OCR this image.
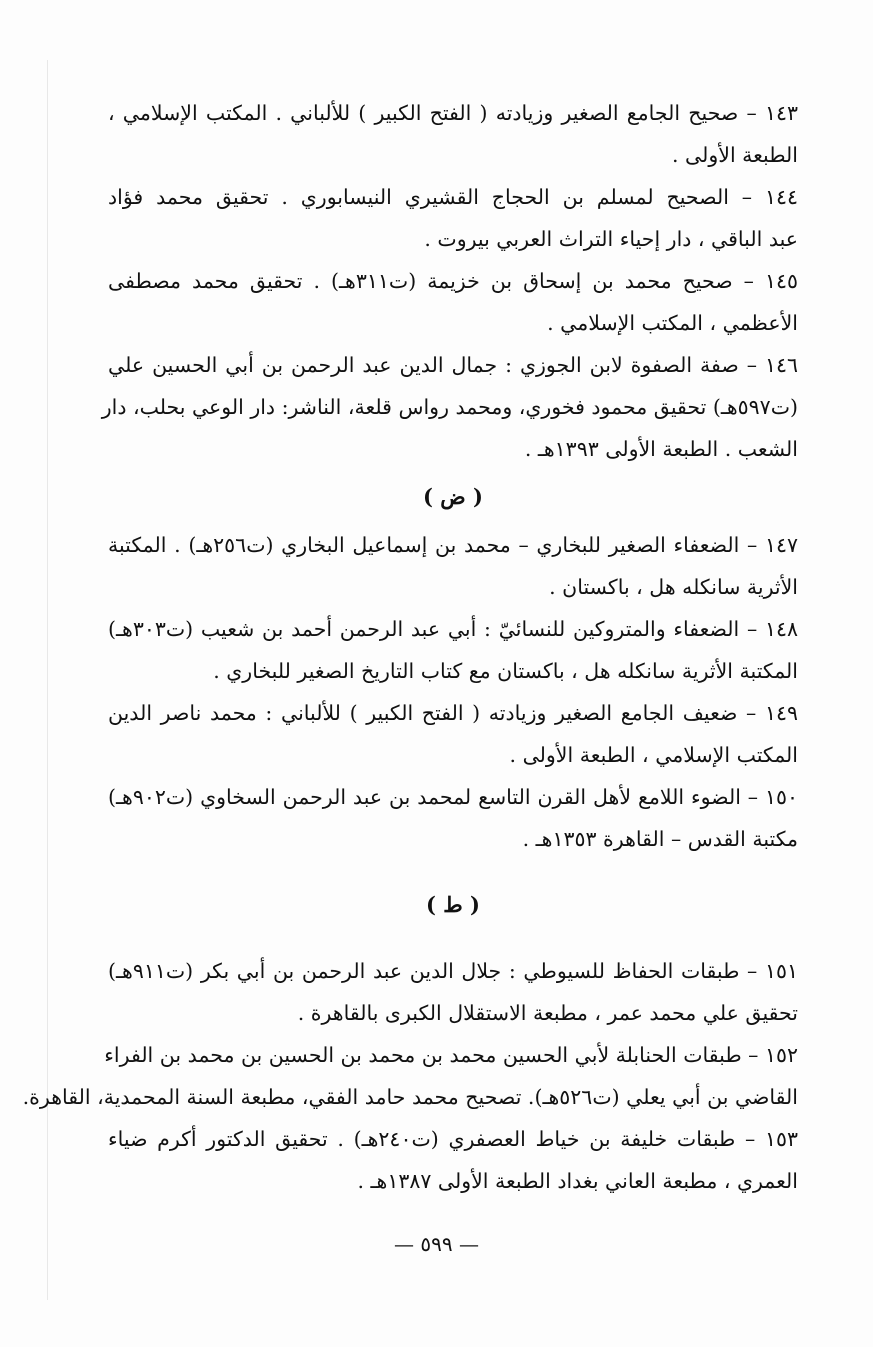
١٤٣ – صحيح الجامع الصغير وزيادته ( الفتح الكبير ) للألباني . المكتب الإسلامي ،
الطبعة الأولى .
١٤٤ – الصحيح لمسلم بن الحجاج القشيري النيسابوري . تحقيق محمد فؤاد
عبد الباقي ، دار إحياء التراث العربي بيروت .
١٤٥ – صحيح محمد بن إسحاق بن خزيمة (ت٣١١هـ) . تحقيق محمد مصطفى
الأعظمي ، المكتب الإسلامي .
١٤٦ – صفة الصفوة لابن الجوزي : جمال الدين عبد الرحمن بن أبي الحسين علي
(ت٥٩٧هـ) تحقيق محمود فخوري، ومحمد رواس قلعة، الناشر: دار الوعي بحلب، دار
الشعب . الطبعة الأولى ١٣٩٣هـ .
( ض )
١٤٧ – الضعفاء الصغير للبخاري – محمد بن إسماعيل البخاري (ت٢٥٦هـ) . المكتبة
الأثرية سانكله هل ، باكستان .
١٤٨ – الضعفاء والمتروكين للنسائيّ : أبي عبد الرحمن أحمد بن شعيب (ت٣٠٣هـ)
المكتبة الأثرية سانكله هل ، باكستان مع كتاب التاريخ الصغير للبخاري .
١٤٩ – ضعيف الجامع الصغير وزيادته ( الفتح الكبير ) للألباني : محمد ناصر الدين
المكتب الإسلامي ، الطبعة الأولى .
١٥٠ – الضوء اللامع لأهل القرن التاسع لمحمد بن عبد الرحمن السخاوي (ت٩٠٢هـ)
مكتبة القدس – القاهرة ١٣٥٣هـ .
( ط )
١٥١ – طبقات الحفاظ للسيوطي : جلال الدين عبد الرحمن بن أبي بكر (ت٩١١هـ)
تحقيق علي محمد عمر ، مطبعة الاستقلال الكبرى بالقاهرة .
١٥٢ – طبقات الحنابلة لأبي الحسين محمد بن محمد بن الحسين بن محمد بن الفراء
القاضي بن أبي يعلي (ت٥٢٦هـ). تصحيح محمد حامد الفقي، مطبعة السنة المحمدية، القاهرة.
١٥٣ – طبقات خليفة بن خياط العصفري (ت٢٤٠هـ) . تحقيق الدكتور أكرم ضياء
العمري ، مطبعة العاني بغداد الطبعة الأولى ١٣٨٧هـ .
— ٥٩٩ —
